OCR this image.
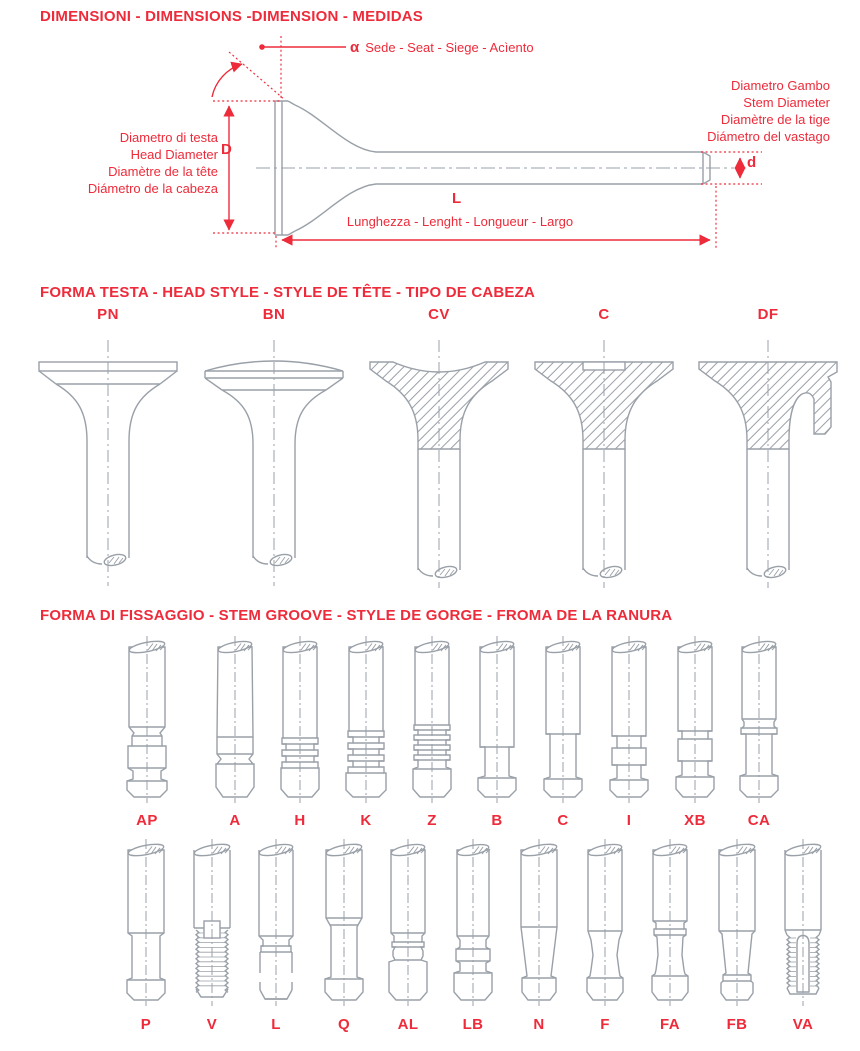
DIMENSIONI - DIMENSIONS -DIMENSION - MEDIDAS
α Sede - Seat - Siege - Acìento
Diametro di testa
Head Diameter
Diamètre de la tête
Diámetro de la cabeza
D
Diametro Gambo
Stem Diameter
Diamètre de la tige
Diámetro del vastago
d
L
Lunghezza - Lenght - Longueur - Largo
FORMA TESTA - HEAD STYLE - STYLE DE TÊTE - TIPO DE CABEZA
FORMA DI FISSAGGIO - STEM GROOVE - STYLE DE GORGE - FROMA DE LA RANURA
PN	BN	CV	C	DF
AP	A	H	K	Z	B	C	I	XB	CA
P	V	L	Q	AL	LB	N	F	FA	FB	VA
